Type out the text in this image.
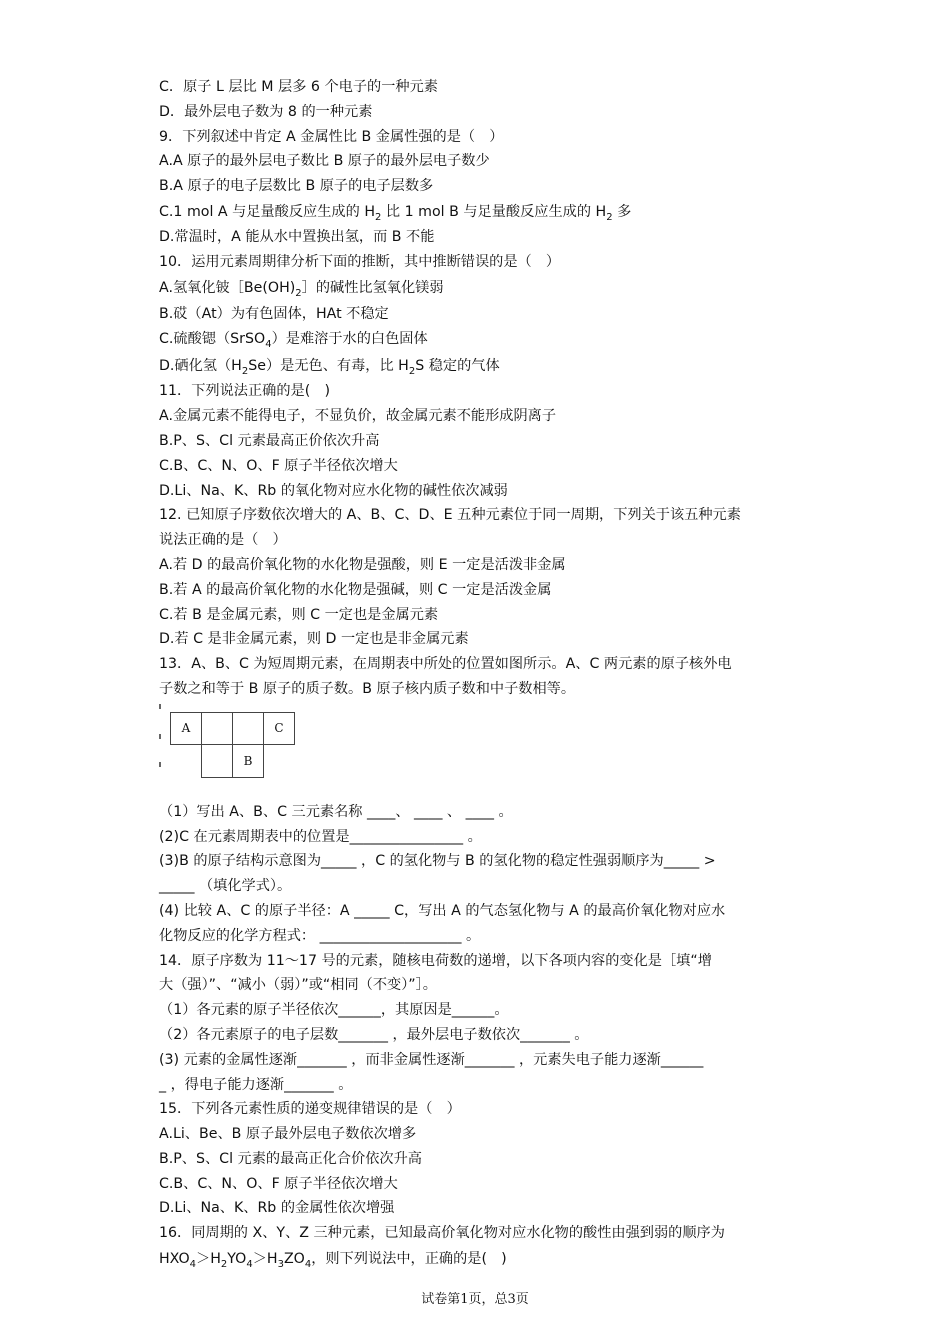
C．原子 L 层比 M 层多 6 个电子的一种元素
D．最外层电子数为 8 的一种元素
9．下列叙述中肯定 A 金属性比 B 金属性强的是（　）
A.A 原子的最外层电子数比 B 原子的最外层电子数少
B.A 原子的电子层数比 B 原子的电子层数多
C.1 mol A 与足量酸反应生成的 $H_2$ 比 1 mol B 与足量酸反应生成的 $H_2$ 多
D.常温时，A 能从水中置换出氢，而 B 不能
10．运用元素周期律分析下面的推断，其中推断错误的是（　）
A.氢氧化铍$[Be(OH)_2]$的碱性比氢氧化镁弱
B.砹（At）为有色固体，HAt 不稳定
C.硫酸锶（SrSO$_4$）是难溶于水的白色固体
D.硒化氢$(H_2Se)$是无色、有毒，比 $H_2S$ 稳定的气体
11．下列说法正确的是(　)
A.金属元素不能得电子，不显负价，故金属元素不能形成阴离子
B.P、S、Cl 元素最高正价依次升高
C.B、C、N、O、F 原子半径依次增大
D.Li、Na、K、Rb 的氧化物对应水化物的碱性依次减弱
12. 已知原子序数依次增大的 A、B、C、D、E 五种元素位于同一周期，下列关于该五种元素
说法正确的是（　）
A.若 D 的最高价氧化物的水化物是强酸，则 E 一定是活泼非金属
B.若 A 的最高价氧化物的水化物是强碱，则 C 一定是活泼金属
C.若 B 是金属元素，则 C 一定也是金属元素
D.若 C 是非金属元素，则 D 一定也是非金属元素
13．A、B、C 为短周期元素，在周期表中所处的位置如图所示。A、C 两元素的原子核外电
子数之和等于 B 原子的质子数。B 原子核内质子数和中子数相等。
A	C
B
（1）写出 A、B、C 三元素名称 ____、 ____ 、 ____ 。
(2)C 在元素周期表中的位置是________________ 。
(3)B 的原子结构示意图为_____ ，C 的氢化物与 B 的氢化物的稳定性强弱顺序为_____ >
_____ （填化学式）。
(4) 比较 A、C 的原子半径：A _____ C，写出 A 的气态氢化物与 A 的最高价氧化物对应水
化物反应的化学方程式： ____________________ 。
14．原子序数为 11～17 号的元素，随核电荷数的递增，以下各项内容的变化是［填“增
大（强）”、“减小（弱）”或“相同（不变）”］。
（1）各元素的原子半径依次______，其原因是______。
（2）各元素原子的电子层数_______ ，最外层电子数依次_______ 。
(3) 元素的金属性逐渐_______ ，而非金属性逐渐_______ ，元素失电子能力逐渐______
_ ，得电子能力逐渐_______ 。
15．下列各元素性质的递变规律错误的是（　）
A.Li、Be、B 原子最外层电子数依次增多
B.P、S、Cl 元素的最高正化合价依次升高
C.B、C、N、O、F 原子半径依次增大
D.Li、Na、K、Rb 的金属性依次增强
16．同周期的 X、Y、Z 三种元素，已知最高价氧化物对应水化物的酸性由强到弱的顺序为
$HXO_4>H_2YO_4>H_3ZO_4$，则下列说法中，正确的是(　)
试卷第1页，总3页
